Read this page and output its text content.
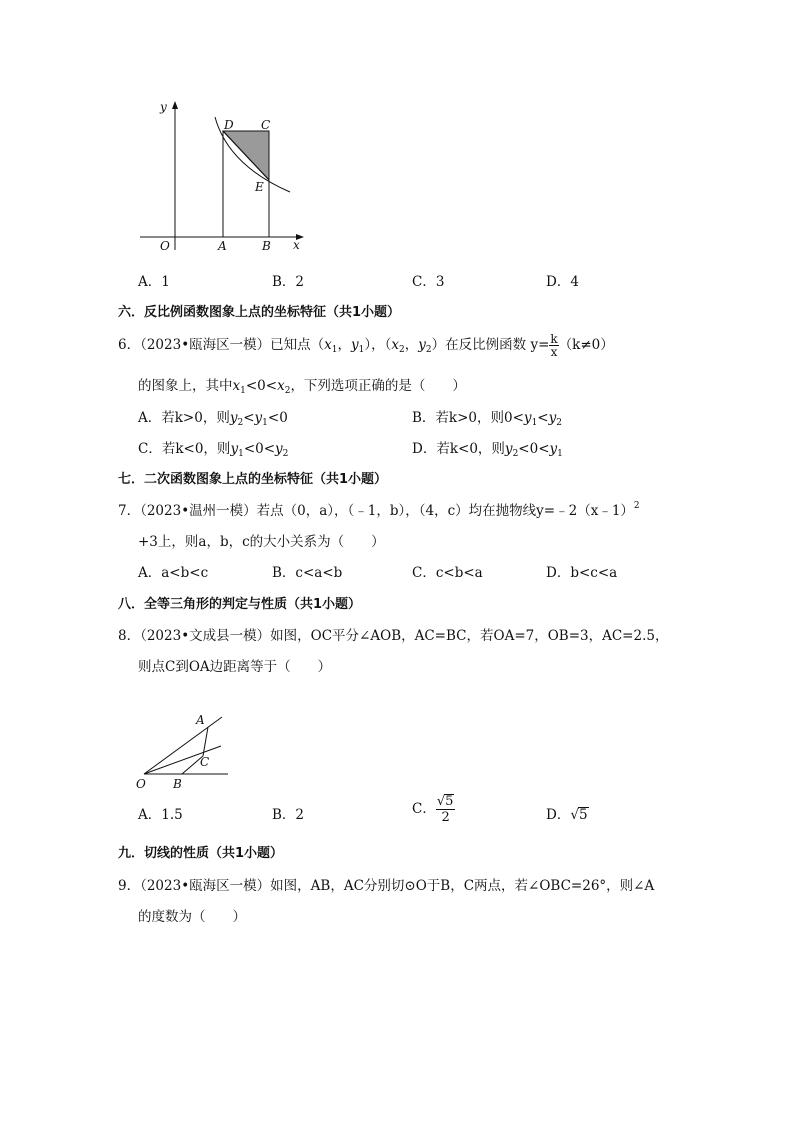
y
x
O	A	B
C
D
E
A．1	B．2	C．3	D．4
六．反比例函数图象上点的坐标特征（共1小题）
6．（2023•瓯海区一模）已知点（$x_1$，$y_1$），（$x_2$，$y_2$）在反比例函数 $y= \frac{k}{x} (k\ne 0)$
的图象上，其中$x_1<0<x_2$，下列选项正确的是（　　）
A．若k>0，则$y_2<y_1<0$	B．若k>0，则$0<y_1<y_2$
C．若k<0，则$y_1<0<y_2$	D．若k<0，则$y_2<0<y_1$
七．二次函数图象上点的坐标特征（共1小题）
7．（2023•温州一模）若点（0，a），（﹣1，b），（4，c）均在抛物线y=﹣2（x﹣1）$^2$
+3上，则a，b，c的大小关系为（　　）
A．a<b<c	B．c<a<b	C．c<b<a	D．b<c<a
八．全等三角形的判定与性质（共1小题）
8．（2023•文成县一模）如图，OC平分∠AOB，AC=BC，若OA=7，OB=3，AC=2.5，
则点C到OA边距离等于（　　）
A
C
O B
A．1.5	B．2	C． $\frac{√5}{2}$	D．√5
九．切线的性质（共1小题）
9．（2023•瓯海区一模）如图，AB，AC分别切⊙O于B，C两点，若∠OBC=26°，则∠A
的度数为（　　）
